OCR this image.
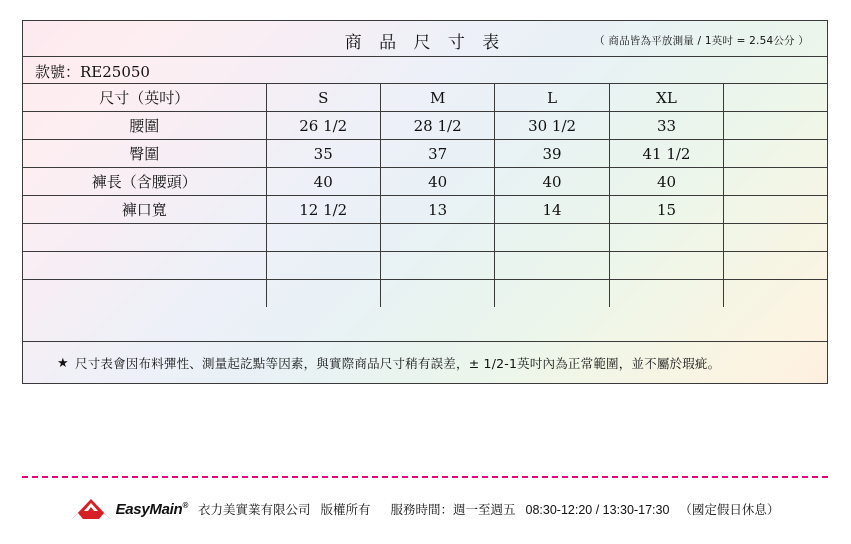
商 品 尺 寸 表	（ 商品皆為平放測量 / 1英吋 = 2.54公分 ）
款號：RE25050
尺寸（英吋）	S	M	L	XL	
腰圍	26 1/2	28 1/2	30 1/2	33	
臀圍	35	37	39	41 1/2	
褲長（含腰頭）	40	40	40	40	
褲口寬	12 1/2	13	14	15	

★ 尺寸表會因布料彈性、測量起訖點等因素，與實際商品尺寸稍有誤差，± 1/2-1英吋內為正常範圍，並不屬於瑕疵。
EasyMain® 衣力美實業有限公司 版權所有 服務時間：週一至週五 08:30-12:20 / 13:30-17:30 （國定假日休息）
